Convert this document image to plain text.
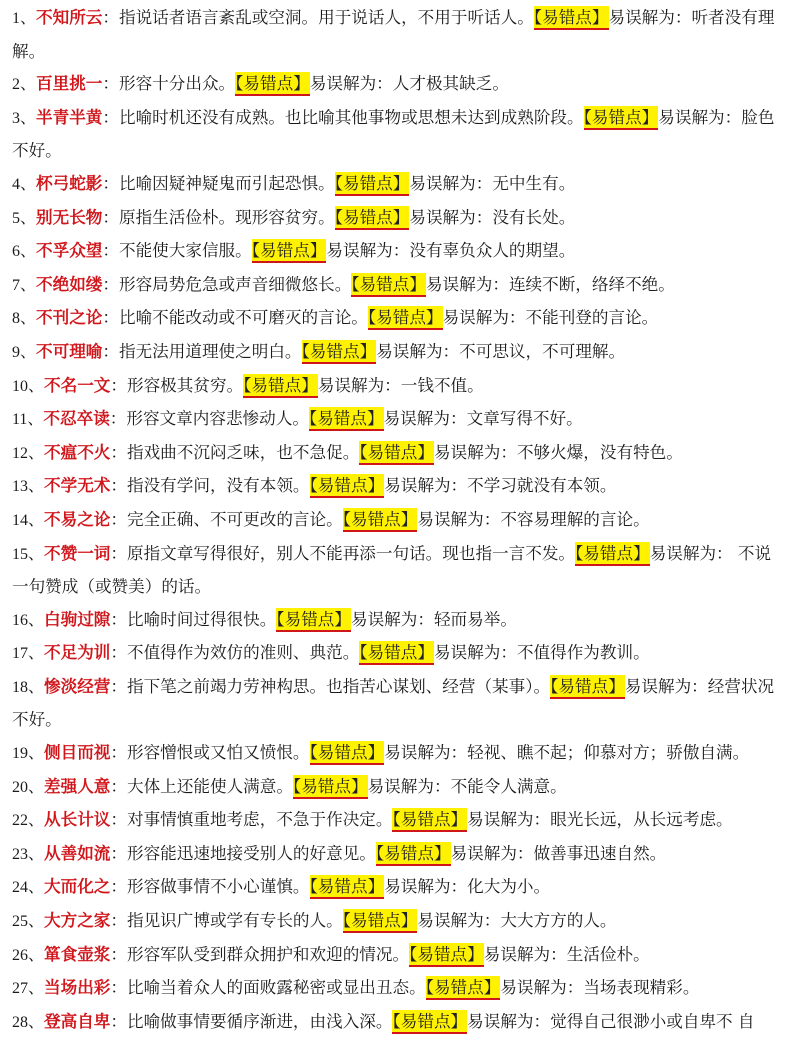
1、不知所云：指说话者语言紊乱或空洞。用于说话人，不用于听话人。【易错点】易误解为：听者没有理解。

2、百里挑一：形容十分出众。【易错点】易误解为：人才极其缺乏。

3、半青半黄：比喻时机还没有成熟。也比喻其他事物或思想未达到成熟阶段。【易错点】易误解为：脸色不好。

4、杯弓蛇影：比喻因疑神疑鬼而引起恐惧。【易错点】易误解为：无中生有。

5、别无长物：原指生活俭朴。现形容贫穷。【易错点】易误解为：没有长处。

6、不孚众望：不能使大家信服。【易错点】易误解为：没有辜负众人的期望。

7、不绝如缕：形容局势危急或声音细微悠长。【易错点】易误解为：连续不断，络绎不绝。

8、不刊之论：比喻不能改动或不可磨灭的言论。【易错点】易误解为：不能刊登的言论。

9、不可理喻：指无法用道理使之明白。【易错点】易误解为：不可思议，不可理解。

10、不名一文：形容极其贫穷。【易错点】易误解为：一钱不值。

11、不忍卒读：形容文章内容悲惨动人。【易错点】易误解为：文章写得不好。

12、不瘟不火：指戏曲不沉闷乏味，也不急促。【易错点】易误解为：不够火爆，没有特色。

13、不学无术：指没有学问，没有本领。【易错点】易误解为：不学习就没有本领。

14、不易之论：完全正确、不可更改的言论。【易错点】易误解为：不容易理解的言论。

15、不赞一词：原指文章写得很好，别人不能再添一句话。现也指一言不发。【易错点】易误解为： 不说一句赞成（或赞美）的话。

16、白驹过隙：比喻时间过得很快。【易错点】易误解为：轻而易举。

17、不足为训：不值得作为效仿的准则、典范。【易错点】易误解为：不值得作为教训。

18、惨淡经营：指下笔之前竭力劳神构思。也指苦心谋划、经营（某事）。【易错点】易误解为：经营状况不好。

19、侧目而视：形容憎恨或又怕又愤恨。【易错点】易误解为：轻视、瞧不起；仰慕对方；骄傲自满。

20、差强人意：大体上还能使人满意。【易错点】易误解为：不能令人满意。

22、从长计议：对事情慎重地考虑，不急于作决定。【易错点】易误解为：眼光长远，从长远考虑。

23、从善如流：形容能迅速地接受别人的好意见。【易错点】易误解为：做善事迅速自然。

24、大而化之：形容做事情不小心谨慎。【易错点】易误解为：化大为小。

25、大方之家：指见识广博或学有专长的人。【易错点】易误解为：大大方方的人。

26、箪食壶浆：形容军队受到群众拥护和欢迎的情况。【易错点】易误解为：生活俭朴。

27、当场出彩：比喻当着众人的面败露秘密或显出丑态。【易错点】易误解为：当场表现精彩。

28、登高自卑：比喻做事情要循序渐进，由浅入深。【易错点】易误解为：觉得自己很渺小或自卑不 自
